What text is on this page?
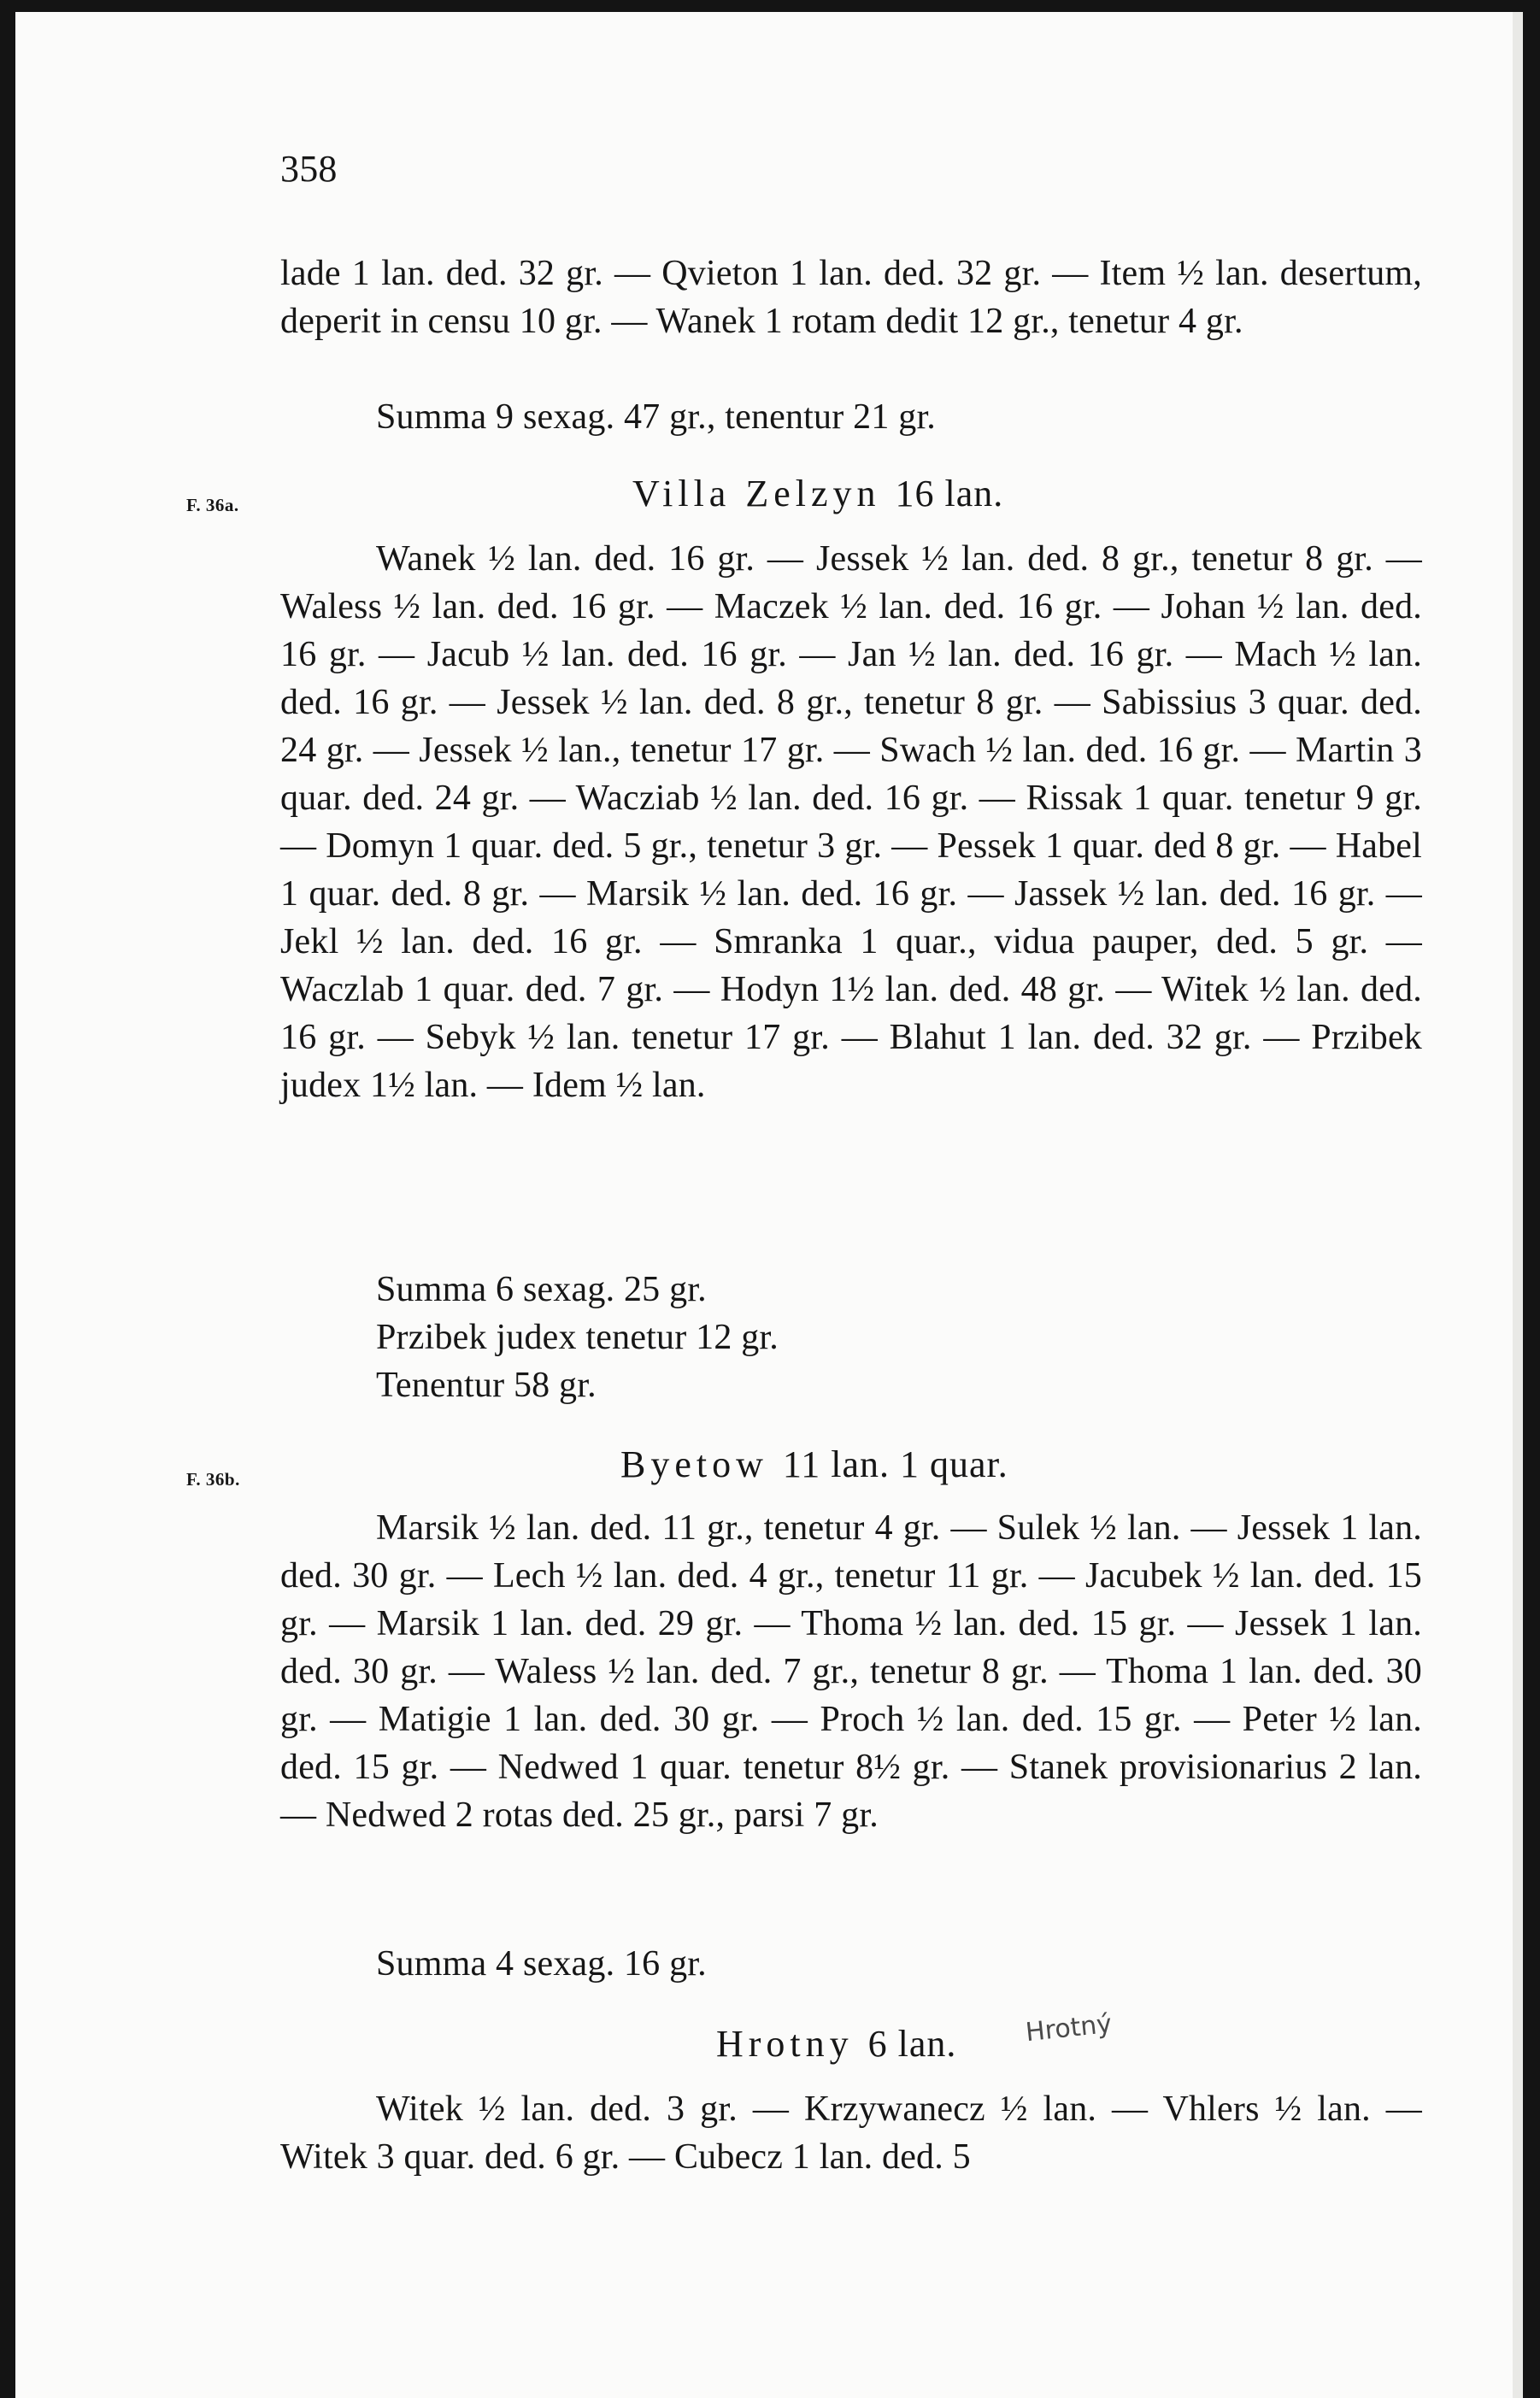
358
lade 1 lan. ded. 32 gr. — Qvieton 1 lan. ded. 32 gr. — Item ½ lan. desertum, deperit in censu 10 gr. — Wanek 1 rotam dedit 12 gr., tenetur 4 gr.
Summa 9 sexag. 47 gr., tenentur 21 gr.
F. 36a.	Villa Zelzyn 16 lan.

Wanek ½ lan. ded. 16 gr. — Jessek ½ lan. ded. 8 gr., tenetur 8 gr. — Waless ½ lan. ded. 16 gr. — Maczek ½ lan. ded. 16 gr. — Johan ½ lan. ded. 16 gr. — Jacub ½ lan. ded. 16 gr. — Jan ½ lan. ded. 16 gr. — Mach ½ lan. ded. 16 gr. — Jessek ½ lan. ded. 8 gr., tenetur 8 gr. — Sabissius 3 quar. ded. 24 gr. — Jessek ½ lan., tenetur 17 gr. — Swach ½ lan. ded. 16 gr. — Martin 3 quar. ded. 24 gr. — Wacziab ½ lan. ded. 16 gr. — Rissak 1 quar. tenetur 9 gr. — Domyn 1 quar. ded. 5 gr., tenetur 3 gr. — Pessek 1 quar. ded 8 gr. — Habel 1 quar. ded. 8 gr. — Marsik ½ lan. ded. 16 gr. — Jassek ½ lan. ded. 16 gr. — Jekl ½ lan. ded. 16 gr. — Smranka 1 quar., vidua pauper, ded. 5 gr. — Waczlab 1 quar. ded. 7 gr. — Hodyn 1½ lan. ded. 48 gr. — Witek ½ lan. ded. 16 gr. — Sebyk ½ lan. tenetur 17 gr. — Blahut 1 lan. ded. 32 gr. — Przibek judex 1½ lan. — Idem ½ lan.

Summa 6 sexag. 25 gr.
Przibek judex tenetur 12 gr.
Tenentur 58 gr.
F. 36b.	Byetow 11 lan. 1 quar.

Marsik ½ lan. ded. 11 gr., tenetur 4 gr. — Sulek ½ lan. — Jessek 1 lan. ded. 30 gr. — Lech ½ lan. ded. 4 gr., tenetur 11 gr. — Jacubek ½ lan. ded. 15 gr. — Marsik 1 lan. ded. 29 gr. — Thoma ½ lan. ded. 15 gr. — Jessek 1 lan. ded. 30 gr. — Waless ½ lan. ded. 7 gr., tenetur 8 gr. — Thoma 1 lan. ded. 30 gr. — Matigie 1 lan. ded. 30 gr. — Proch ½ lan. ded. 15 gr. — Peter ½ lan. ded. 15 gr. — Nedwed 1 quar. tenetur 8½ gr. — Stanek provisionarius 2 lan. — Nedwed 2 rotas ded. 25 gr., parsi 7 gr.

Summa 4 sexag. 16 gr.
Hrotny 6 lan.	Hrotný

Witek ½ lan. ded. 3 gr. — Krzywanecz ½ lan. — Vhlers ½ lan. — Witek 3 quar. ded. 6 gr. — Cubecz 1 lan. ded. 5
